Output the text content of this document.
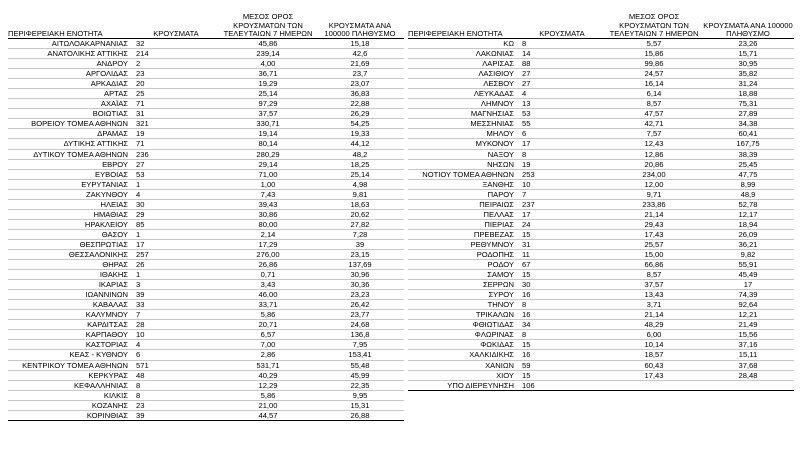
ΠΕΡΙΦΕΡΕΙΑΚΗ ΕΝΟΤΗΤΑ	ΚΡΟΥΣΜΑΤΑ	ΜΕΣΟΣ ΟΡΟΣ ΚΡΟΥΣΜΑΤΩΝ ΤΩΝ ΤΕΛΕΥΤΑΙΩΝ 7 ΗΜΕΡΩΝ	ΚΡΟΥΣΜΑΤΑ ΑΝΑ 100000 ΠΛΗΘΥΣΜΟ
ΑΙΤΩΛΟΑΚΑΡΝΑΝΙΑΣ	32	45,86	15,18
ΑΝΑΤΟΛΙΚΗΣ ΑΤΤΙΚΗΣ	214	239,14	42,6
ΑΝΔΡΟΥ	2	4,00	21,69
ΑΡΓΟΛΙΔΑΣ	23	36,71	23,7
ΑΡΚΑΔΙΑΣ	20	19,29	23,07
ΑΡΤΑΣ	25	25,14	36,83
ΑΧΑΪΑΣ	71	97,29	22,88
ΒΟΙΩΤΙΑΣ	31	37,57	26,29
ΒΟΡΕΙΟΥ ΤΟΜΕΑ ΑΘΗΝΩΝ	321	330,71	54,25
ΔΡΑΜΑΣ	19	19,14	19,33
ΔΥΤΙΚΗΣ ΑΤΤΙΚΗΣ	71	80,14	44,12
ΔΥΤΙΚΟΥ ΤΟΜΕΑ ΑΘΗΝΩΝ	236	280,29	48,2
ΕΒΡΟΥ	27	29,14	18,25
ΕΥΒΟΙΑΣ	53	71,00	25,14
ΕΥΡΥΤΑΝΙΑΣ	1	1,00	4,98
ΖΑΚΥΝΘΟΥ	4	7,43	9,81
ΗΛΕΙΑΣ	30	39,43	18,63
ΗΜΑΘΙΑΣ	29	30,86	20,62
ΗΡΑΚΛΕΙΟΥ	85	80,00	27,82
ΘΑΣΟΥ	1	2,14	7,28
ΘΕΣΠΡΩΤΙΑΣ	17	17,29	39
ΘΕΣΣΑΛΟΝΙΚΗΣ	257	276,00	23,15
ΘΗΡΑΣ	26	26,86	137,69
ΙΘΑΚΗΣ	1	0,71	30,96
ΙΚΑΡΙΑΣ	3	3,43	30,36
ΙΩΑΝΝΙΝΩΝ	39	46,00	23,23
ΚΑΒΑΛΑΣ	33	33,71	26,42
ΚΑΛΥΜΝΟΥ	7	5,86	23,77
ΚΑΡΔΙΤΣΑΣ	28	20,71	24,68
ΚΑΡΠΑΘΟΥ	10	6,57	136,8
ΚΑΣΤΟΡΙΑΣ	4	7,00	7,95
ΚΕΑΣ - ΚΥΘΝΟΥ	6	2,86	153,41
ΚΕΝΤΡΙΚΟΥ ΤΟΜΕΑ ΑΘΗΝΩΝ	571	531,71	55,48
ΚΕΡΚΥΡΑΣ	48	40,29	45,99
ΚΕΦΑΛΛΗΝΙΑΣ	8	12,29	22,35
ΚΙΛΚΙΣ	8	5,86	9,95
ΚΟΖΑΝΗΣ	23	21,00	15,31
ΚΟΡΙΝΘΙΑΣ	39	44,57	26,88
ΠΕΡΙΦΕΡΕΙΑΚΗ ΕΝΟΤΗΤΑ	ΚΡΟΥΣΜΑΤΑ	ΜΕΣΟΣ ΟΡΟΣ ΚΡΟΥΣΜΑΤΩΝ ΤΩΝ ΤΕΛΕΥΤΑΙΩΝ 7 ΗΜΕΡΩΝ	ΚΡΟΥΣΜΑΤΑ ΑΝΑ 100000 ΠΛΗΘΥΣΜΟ
ΚΩ	8	5,57	23,26
ΛΑΚΩΝΙΑΣ	14	15,86	15,71
ΛΑΡΙΣΑΣ	88	99,86	30,95
ΛΑΣΙΘΙΟΥ	27	24,57	35,82
ΛΕΣΒΟΥ	27	16,14	31,24
ΛΕΥΚΑΔΑΣ	4	6,14	18,88
ΛΗΜΝΟΥ	13	8,57	75,31
ΜΑΓΝΗΣΙΑΣ	53	47,57	27,89
ΜΕΣΣΗΝΙΑΣ	55	42,71	34,38
ΜΗΛΟΥ	6	7,57	60,41
ΜΥΚΟΝΟΥ	17	12,43	167,75
ΝΑΞΟΥ	8	12,86	38,39
ΝΗΣΩΝ	19	20,86	25,45
ΝΟΤΙΟΥ ΤΟΜΕΑ ΑΘΗΝΩΝ	253	234,00	47,75
ΞΑΝΘΗΣ	10	12,00	8,99
ΠΑΡΟΥ	7	9,71	48,9
ΠΕΙΡΑΙΩΣ	237	233,86	52,78
ΠΕΛΛΑΣ	17	21,14	12,17
ΠΙΕΡΙΑΣ	24	29,43	18,94
ΠΡΕΒΕΖΑΣ	15	17,43	26,09
ΡΕΘΥΜΝΟΥ	31	25,57	36,21
ΡΟΔΟΠΗΣ	11	15,00	9,82
ΡΟΔΟΥ	67	66,86	55,91
ΣΑΜΟΥ	15	8,57	45,49
ΣΕΡΡΩΝ	30	37,57	17
ΣΥΡΟΥ	16	13,43	74,39
ΤΗΝΟΥ	8	3,71	92,64
ΤΡΙΚΑΛΩΝ	16	21,14	12,21
ΦΘΙΩΤΙΔΑΣ	34	48,29	21,49
ΦΛΩΡΙΝΑΣ	8	6,00	15,56
ΦΩΚΙΔΑΣ	15	10,14	37,16
ΧΑΛΚΙΔΙΚΗΣ	16	18,57	15,11
ΧΑΝΙΩΝ	59	60,43	37,68
ΧΙΟΥ	15	17,43	28,48
ΥΠΟ ΔΙΕΡΕΥΝΗΣΗ	106		
